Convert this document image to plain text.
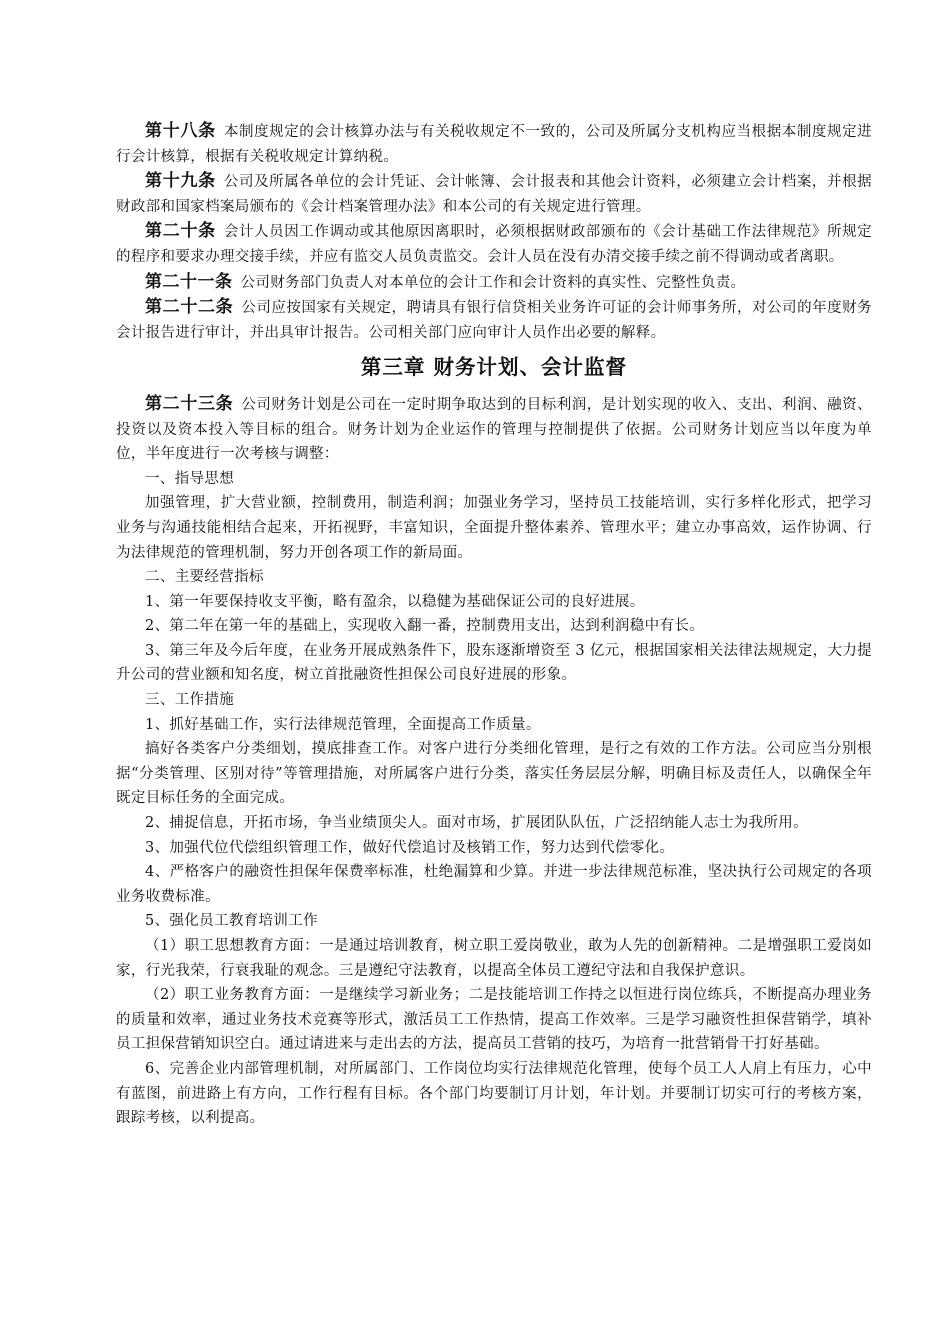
第十八条 本制度规定的会计核算办法与有关税收规定不一致的，公司及所属分支机构应当根据本制度规定进行会计核算，根据有关税收规定计算纳税。

第十九条 公司及所属各单位的会计凭证、会计帐簿、会计报表和其他会计资料，必须建立会计档案，并根据财政部和国家档案局颁布的《会计档案管理办法》和本公司的有关规定进行管理。

第二十条 会计人员因工作调动或其他原因离职时，必须根据财政部颁布的《会计基础工作法律规范》所规定的程序和要求办理交接手续，并应有监交人员负责监交。会计人员在没有办清交接手续之前不得调动或者离职。

第二十一条 公司财务部门负责人对本单位的会计工作和会计资料的真实性、完整性负责。

第二十二条 公司应按国家有关规定，聘请具有银行信贷相关业务许可证的会计师事务所，对公司的年度财务会计报告进行审计，并出具审计报告。公司相关部门应向审计人员作出必要的解释。

第三章 财务计划、会计监督

第二十三条 公司财务计划是公司在一定时期争取达到的目标利润，是计划实现的收入、支出、利润、融资、投资以及资本投入等目标的组合。财务计划为企业运作的管理与控制提供了依据。公司财务计划应当以年度为单位，半年度进行一次考核与调整：

一、指导思想

加强管理，扩大营业额，控制费用，制造利润；加强业务学习，坚持员工技能培训，实行多样化形式，把学习业务与沟通技能相结合起来，开拓视野，丰富知识，全面提升整体素养、管理水平；建立办事高效，运作协调、行为法律规范的管理机制，努力开创各项工作的新局面。

二、主要经营指标

1、第一年要保持收支平衡，略有盈余，以稳健为基础保证公司的良好进展。

2、第二年在第一年的基础上，实现收入翻一番，控制费用支出，达到利润稳中有长。

3、第三年及今后年度，在业务开展成熟条件下，股东逐渐增资至 3 亿元，根据国家相关法律法规规定，大力提升公司的营业额和知名度，树立首批融资性担保公司良好进展的形象。

三、工作措施

1、抓好基础工作，实行法律规范管理，全面提高工作质量。

搞好各类客户分类细划，摸底排查工作。对客户进行分类细化管理，是行之有效的工作方法。公司应当分别根据“分类管理、区别对待”等管理措施，对所属客户进行分类，落实任务层层分解，明确目标及责任人，以确保全年既定目标任务的全面完成。

2、捕捉信息，开拓市场，争当业绩顶尖人。面对市场，扩展团队队伍，广泛招纳能人志士为我所用。

3、加强代位代偿组织管理工作，做好代偿追讨及核销工作，努力达到代偿零化。

4、严格客户的融资性担保年保费率标准，杜绝漏算和少算。并进一步法律规范标准，坚决执行公司规定的各项业务收费标准。

5、强化员工教育培训工作

（1）职工思想教育方面：一是通过培训教育，树立职工爱岗敬业，敢为人先的创新精神。二是增强职工爱岗如家，行光我荣，行衰我耻的观念。三是遵纪守法教育，以提高全体员工遵纪守法和自我保护意识。

（2）职工业务教育方面：一是继续学习新业务；二是技能培训工作持之以恒进行岗位练兵，不断提高办理业务的质量和效率，通过业务技术竞赛等形式，激活员工工作热情，提高工作效率。三是学习融资性担保营销学，填补员工担保营销知识空白。通过请进来与走出去的方法，提高员工营销的技巧，为培育一批营销骨干打好基础。

6、完善企业内部管理机制，对所属部门、工作岗位均实行法律规范化管理，使每个员工人人肩上有压力，心中有蓝图，前进路上有方向，工作行程有目标。各个部门均要制订月计划，年计划。并要制订切实可行的考核方案，跟踪考核，以利提高。
